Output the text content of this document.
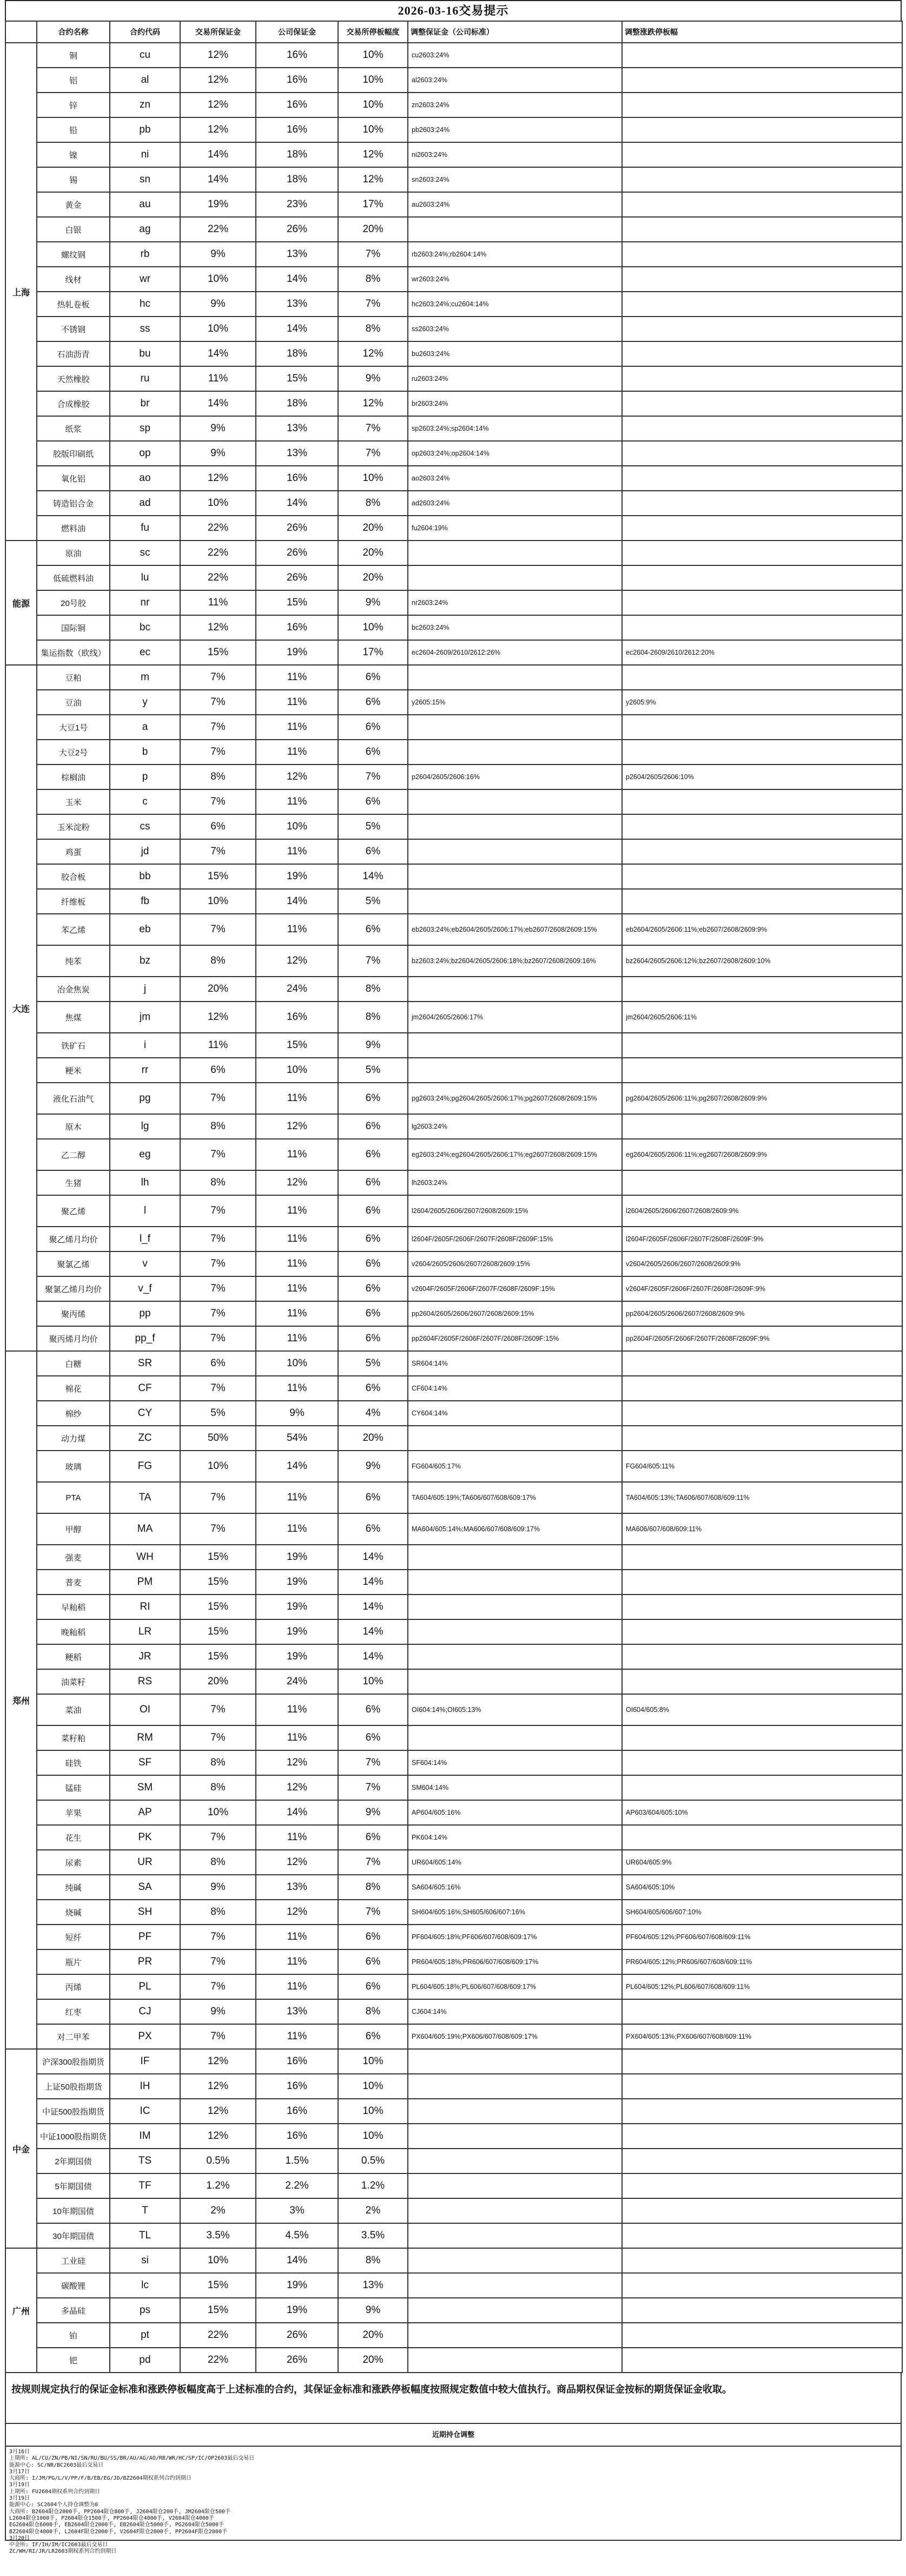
2026-03-16交易提示
	合约名称	合约代码	交易所保证金	公司保证金	交易所停板幅度	调整保证金（公司标准）	调整涨跌停板幅
上海	铜	cu	12%	16%	10%	cu2603:24%	
	铝	al	12%	16%	10%	al2603:24%	
	锌	zn	12%	16%	10%	zn2603:24%	
	铅	pb	12%	16%	10%	pb2603:24%	
	镍	ni	14%	18%	12%	ni2603:24%	
	锡	sn	14%	18%	12%	sn2603:24%	
	黄金	au	19%	23%	17%	au2603:24%	
	白银	ag	22%	26%	20%		
	螺纹钢	rb	9%	13%	7%	rb2603:24%;rb2604:14%	
	线材	wr	10%	14%	8%	wr2603:24%	
	热轧卷板	hc	9%	13%	7%	hc2603:24%;cu2604:14%	
	不锈钢	ss	10%	14%	8%	ss2603:24%	
	石油沥青	bu	14%	18%	12%	bu2603:24%	
	天然橡胶	ru	11%	15%	9%	ru2603:24%	
	合成橡胶	br	14%	18%	12%	br2603:24%	
	纸浆	sp	9%	13%	7%	sp2603:24%;sp2604:14%	
	胶版印刷纸	op	9%	13%	7%	op2603:24%;op2604:14%	
	氧化铝	ao	12%	16%	10%	ao2603:24%	
	铸造铝合金	ad	10%	14%	8%	ad2603:24%	
	燃料油	fu	22%	26%	20%	fu2604:19%	
能源	原油	sc	22%	26%	20%		
	低硫燃料油	lu	22%	26%	20%		
	20号胶	nr	11%	15%	9%	nr2603:24%	
	国际铜	bc	12%	16%	10%	bc2603:24%	
	集运指数（欧线）	ec	15%	19%	17%	ec2604-2609/2610/2612:26%	ec2604-2609/2610/2612:20%
大连	豆粕	m	7%	11%	6%		
	豆油	y	7%	11%	6%	y2605:15%	y2605:9%
	大豆1号	a	7%	11%	6%		
	大豆2号	b	7%	11%	6%		
	棕榈油	p	8%	12%	7%	p2604/2605/2606:16%	p2604/2605/2606:10%
	玉米	c	7%	11%	6%		
	玉米淀粉	cs	6%	10%	5%		
	鸡蛋	jd	7%	11%	6%		
	胶合板	bb	15%	19%	14%		
	纤维板	fb	10%	14%	5%		
	苯乙烯	eb	7%	11%	6%	eb2603:24%;eb2604/2605/2606:17%;eb2607/2608/2609:15%	eb2604/2605/2606:11%;eb2607/2608/2609:9%
	纯苯	bz	8%	12%	7%	bz2603:24%;bz2604/2605/2606:18%;bz2607/2608/2609:16%	bz2604/2605/2606:12%;bz2607/2608/2609:10%
	冶金焦炭	j	20%	24%	8%		
	焦煤	jm	12%	16%	8%	jm2604/2605/2606:17%	jm2604/2605/2606:11%
	铁矿石	i	11%	15%	9%		
	粳米	rr	6%	10%	5%		
	液化石油气	pg	7%	11%	6%	pg2603:24%;pg2604/2605/2606:17%;pg2607/2608/2609:15%	pg2604/2605/2606:11%;pg2607/2608/2609:9%
	原木	lg	8%	12%	6%	lg2603:24%	
	乙二醇	eg	7%	11%	6%	eg2603:24%;eg2604/2605/2606:17%;eg2607/2608/2609:15%	eg2604/2605/2606:11%;eg2607/2608/2609:9%
	生猪	lh	8%	12%	6%	lh2603:24%	
	聚乙烯	l	7%	11%	6%	l2604/2605/2606/2607/2608/2609:15%	l2604/2605/2606/2607/2608/2609:9%
	聚乙烯月均价	l_f	7%	11%	6%	l2604F/2605F/2606F/2607F/2608F/2609F:15%	l2604F/2605F/2606F/2607F/2608F/2609F:9%
	聚氯乙烯	v	7%	11%	6%	v2604/2605/2606/2607/2608/2609:15%	v2604/2605/2606/2607/2608/2609:9%
	聚氯乙烯月均价	v_f	7%	11%	6%	v2604F/2605F/2606F/2607F/2608F/2609F:15%	v2604F/2605F/2606F/2607F/2608F/2609F:9%
	聚丙烯	pp	7%	11%	6%	pp2604/2605/2606/2607/2608/2609:15%	pp2604/2605/2606/2607/2608/2609:9%
	聚丙烯月均价	pp_f	7%	11%	6%	pp2604F/2605F/2606F/2607F/2608F/2609F:15%	pp2604F/2605F/2606F/2607F/2608F/2609F:9%
郑州	白糖	SR	6%	10%	5%	SR604:14%	
	棉花	CF	7%	11%	6%	CF604:14%	
	棉纱	CY	5%	9%	4%	CY604:14%	
	动力煤	ZC	50%	54%	20%		
	玻璃	FG	10%	14%	9%	FG604/605:17%	FG604/605:11%
	PTA	TA	7%	11%	6%	TA604/605:19%;TA606/607/608/609:17%	TA604/605:13%;TA606/607/608/609:11%
	甲醇	MA	7%	11%	6%	MA604/605:14%;MA606/607/608/609:17%	MA606/607/608/609:11%
	强麦	WH	15%	19%	14%		
	普麦	PM	15%	19%	14%		
	早籼稻	RI	15%	19%	14%		
	晚籼稻	LR	15%	19%	14%		
	粳稻	JR	15%	19%	14%		
	油菜籽	RS	20%	24%	10%		
	菜油	OI	7%	11%	6%	OI604:14%;OI605:13%	OI604/605:8%
	菜籽粕	RM	7%	11%	6%		
	硅铁	SF	8%	12%	7%	SF604:14%	
	锰硅	SM	8%	12%	7%	SM604:14%	
	苹果	AP	10%	14%	9%	AP604/605:16%	AP603/604/605:10%
	花生	PK	7%	11%	6%	PK604:14%	
	尿素	UR	8%	12%	7%	UR604/605:14%	UR604/605:9%
	纯碱	SA	9%	13%	8%	SA604/605:16%	SA604/605:10%
	烧碱	SH	8%	12%	7%	SH604/605:16%;SH605/606/607:16%	SH604/605/606/607:10%
	短纤	PF	7%	11%	6%	PF604/605:18%;PF606/607/608/609:17%	PF604/605:12%;PF606/607/608/609:11%
	瓶片	PR	7%	11%	6%	PR604/605:18%;PR606/607/608/609:17%	PR604/605:12%;PR606/607/608/609:11%
	丙烯	PL	7%	11%	6%	PL604/605:18%;PL606/607/608/609:17%	PL604/605:12%;PL606/607/608/609:11%
	红枣	CJ	9%	13%	8%	CJ604:14%	
	对二甲苯	PX	7%	11%	6%	PX604/605:19%;PX606/607/608/609:17%	PX604/605:13%;PX606/607/608/609:11%
中金	沪深300股指期货	IF	12%	16%	10%		
	上证50股指期货	IH	12%	16%	10%		
	中证500股指期货	IC	12%	16%	10%		
	中证1000股指期货	IM	12%	16%	10%		
	2年期国债	TS	0.5%	1.5%	0.5%		
	5年期国债	TF	1.2%	2.2%	1.2%		
	10年期国债	T	2%	3%	2%		
	30年期国债	TL	3.5%	4.5%	3.5%		
广州	工业硅	si	10%	14%	8%		
	碳酸锂	lc	15%	19%	13%		
	多晶硅	ps	15%	19%	9%		
	铂	pt	22%	26%	20%		
	钯	pd	22%	26%	20%		
按规则规定执行的保证金标准和涨跌停板幅度高于上述标准的合约，其保证金标准和涨跌停板幅度按照规定数值中较大值执行。商品期权保证金按标的期货保证金收取。
近期持仓调整
3月16日
上期所: AL/CU/ZN/PB/NI/SN/RU/BU/SS/BR/AU/AG/AO/RB/WR/HC/SP/IC/OP2603最后交易日
能源中心: SC/NR/BC2603最后交易日
3月17日
大商所: I/JM/PG/L/V/PP/F/B/EB/EG/JD/BZ2604期权系列合约到期日
3月19日
上期所: FU2604期权系列合约到期日
3月19日
能源中心: SC2604个人持仓调整为0
大商所: B2604限仓2000手, PP2604限仓800手, J2604限仓200手, JM2604限仓500手
L2604限仓1000手, P2604限仓1500手, PP2604限仓4000手, V2604限仓4000手
EG2604限仓6000手, EB2604限仓2000手, EB2604限仓5000手, PG2604限仓5000手
BZ2604限仓4000手, L2604F限仓2000手, V2604F限仓2000手, PP2604F限仓2000手
3月20日
中金所: IF/IH/IM/IC2603最后交易日
ZC/WH/RI/JR/LR2603期权系列合约到期日
